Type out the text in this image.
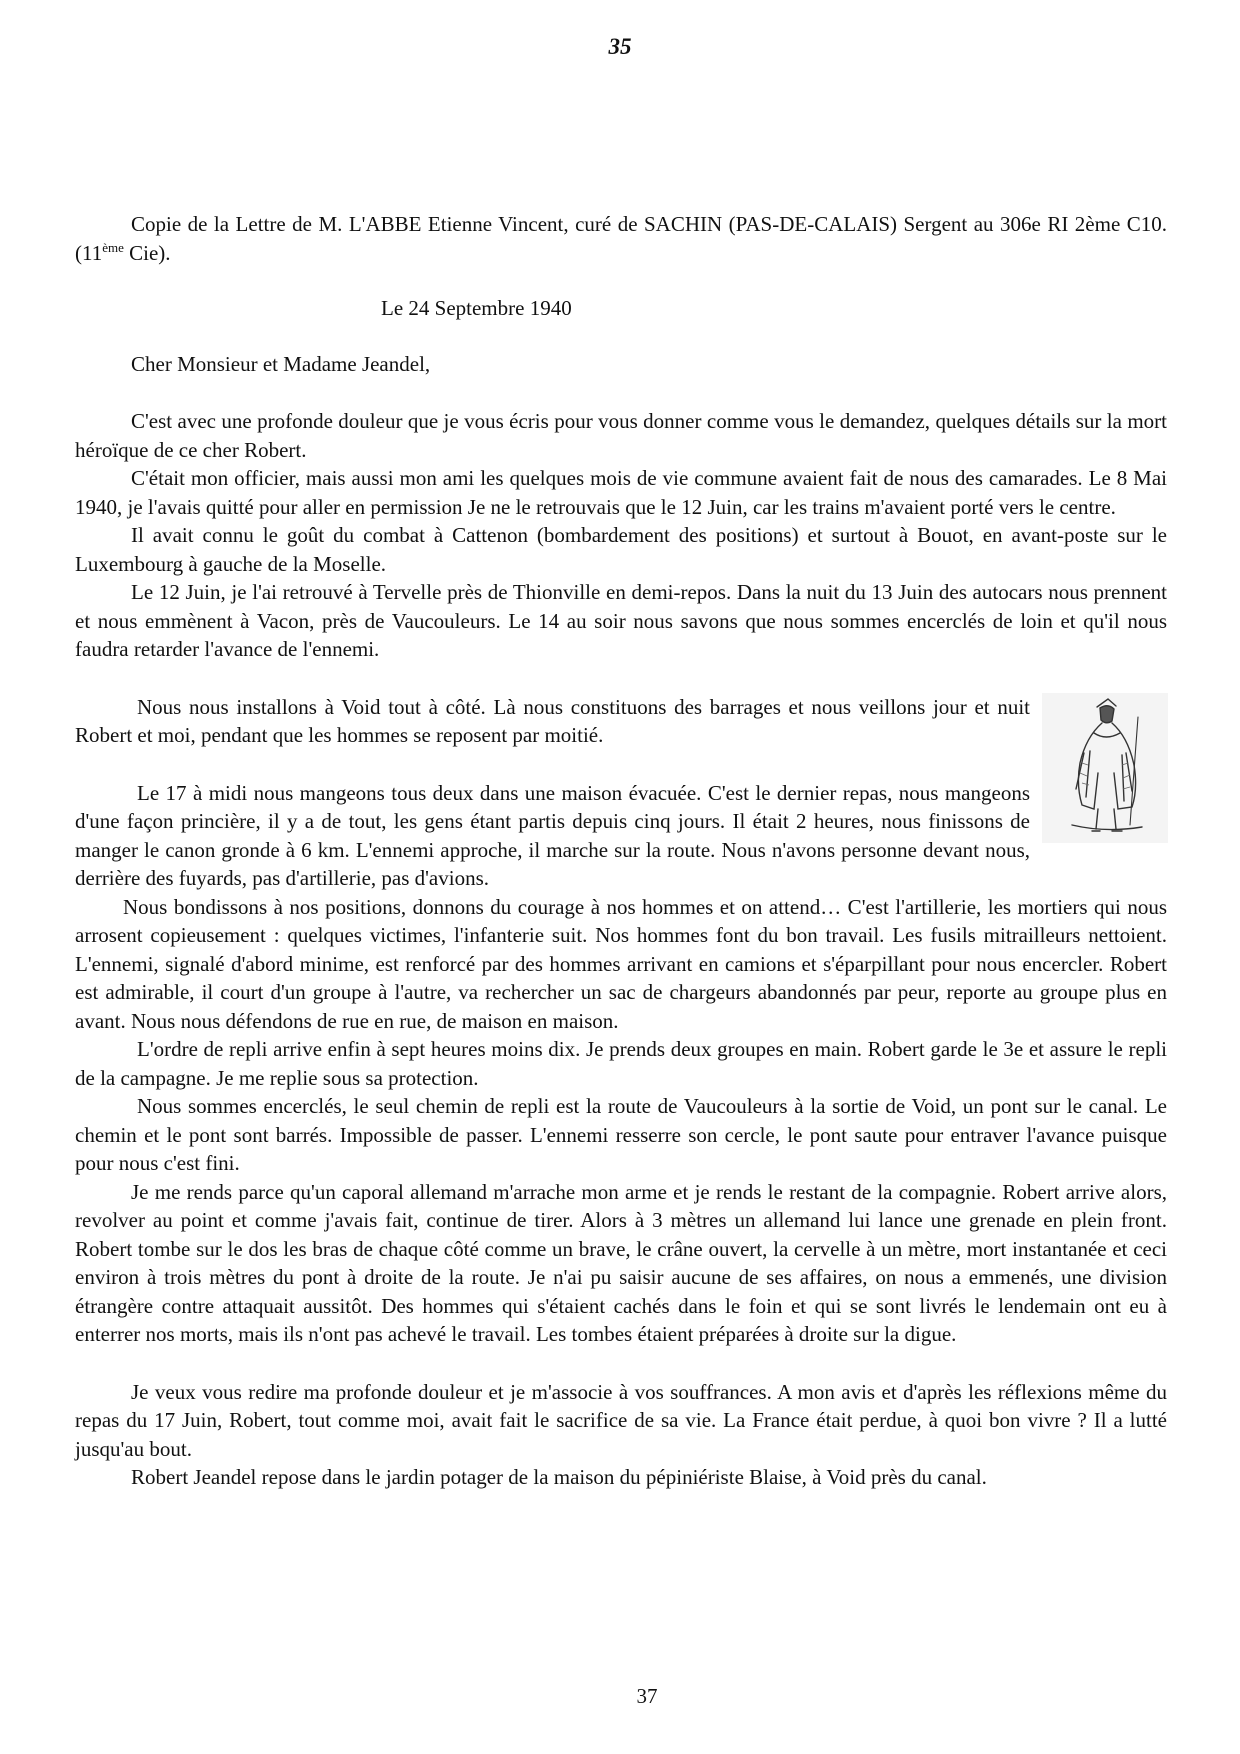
35

Copie de la Lettre de M. L'ABBE Etienne Vincent, curé de SACHIN (PAS-DE-CALAIS) Sergent au 306e RI 2ème C10.(11ème Cie).

Le 24 Septembre 1940

Cher Monsieur et Madame Jeandel,

C'est avec une profonde douleur que je vous écris pour vous donner comme vous le demandez, quelques détails sur la mort héroïque de ce cher Robert.

C'était mon officier, mais aussi mon ami les quelques mois de vie commune avaient fait de nous des camarades. Le 8 Mai 1940, je l'avais quitté pour aller en permission Je ne le retrouvais que le 12 Juin, car les trains m'avaient porté vers le centre.

Il avait connu le goût du combat à Cattenon (bombardement des positions) et surtout à Bouot, en avant-poste sur le Luxembourg à gauche de la Moselle.

Le 12 Juin, je l'ai retrouvé à Tervelle près de Thionville en demi-repos. Dans la nuit du 13 Juin des autocars nous prennent et nous emmènent à Vacon, près de Vaucouleurs. Le 14 au soir nous savons que nous sommes encerclés de loin et qu'il nous faudra retarder l'avance de l'ennemi.

Nous nous installons à Void tout à côté. Là nous constituons des barrages et nous veillons jour et nuit Robert et moi, pendant que les hommes se reposent par moitié.

Le 17 à midi nous mangeons tous deux dans une maison évacuée. C'est le dernier repas, nous mangeons d'une façon princière, il y a de tout, les gens étant partis depuis cinq jours. Il était 2 heures, nous finissons de manger le canon gronde à 6 km. L'ennemi approche, il marche sur la route. Nous n'avons personne devant nous, derrière des fuyards, pas d'artillerie, pas d'avions.

Nous bondissons à nos positions, donnons du courage à nos hommes et on attend… C'est l'artillerie, les mortiers qui nous arrosent copieusement : quelques victimes, l'infanterie suit. Nos hommes font du bon travail. Les fusils mitrailleurs nettoient. L'ennemi, signalé d'abord minime, est renforcé par des hommes arrivant en camions et s'éparpillant pour nous encercler. Robert est admirable, il court d'un groupe à l'autre, va rechercher un sac de chargeurs abandonnés par peur, reporte au groupe plus en avant. Nous nous défendons de rue en rue, de maison en maison.

L'ordre de repli arrive enfin à sept heures moins dix. Je prends deux groupes en main. Robert garde le 3e et assure le repli de la campagne. Je me replie sous sa protection.

Nous sommes encerclés, le seul chemin de repli est la route de Vaucouleurs à la sortie de Void, un pont sur le canal. Le chemin et le pont sont barrés. Impossible de passer. L'ennemi resserre son cercle, le pont saute pour entraver l'avance puisque pour nous c'est fini.

Je me rends parce qu'un caporal allemand m'arrache mon arme et je rends le restant de la compagnie. Robert arrive alors, revolver au point et comme j'avais fait, continue de tirer. Alors à 3 mètres un allemand lui lance une grenade en plein front. Robert tombe sur le dos les bras de chaque côté comme un brave, le crâne ouvert, la cervelle à un mètre, mort instantanée et ceci environ à trois mètres du pont à droite de la route. Je n'ai pu saisir aucune de ses affaires, on nous a emmenés, une division étrangère contre attaquait aussitôt. Des hommes qui s'étaient cachés dans le foin et qui se sont livrés le lendemain ont eu à enterrer nos morts, mais ils n'ont pas achevé le travail. Les tombes étaient préparées à droite sur la digue.

Je veux vous redire ma profonde douleur et je m'associe à vos souffrances. A mon avis et d'après les réflexions même du repas du 17 Juin, Robert, tout comme moi, avait fait le sacrifice de sa vie. La France était perdue, à quoi bon vivre ? Il a lutté jusqu'au bout.

Robert Jeandel repose dans le jardin potager de la maison du pépiniériste Blaise, à Void près du canal.

37
